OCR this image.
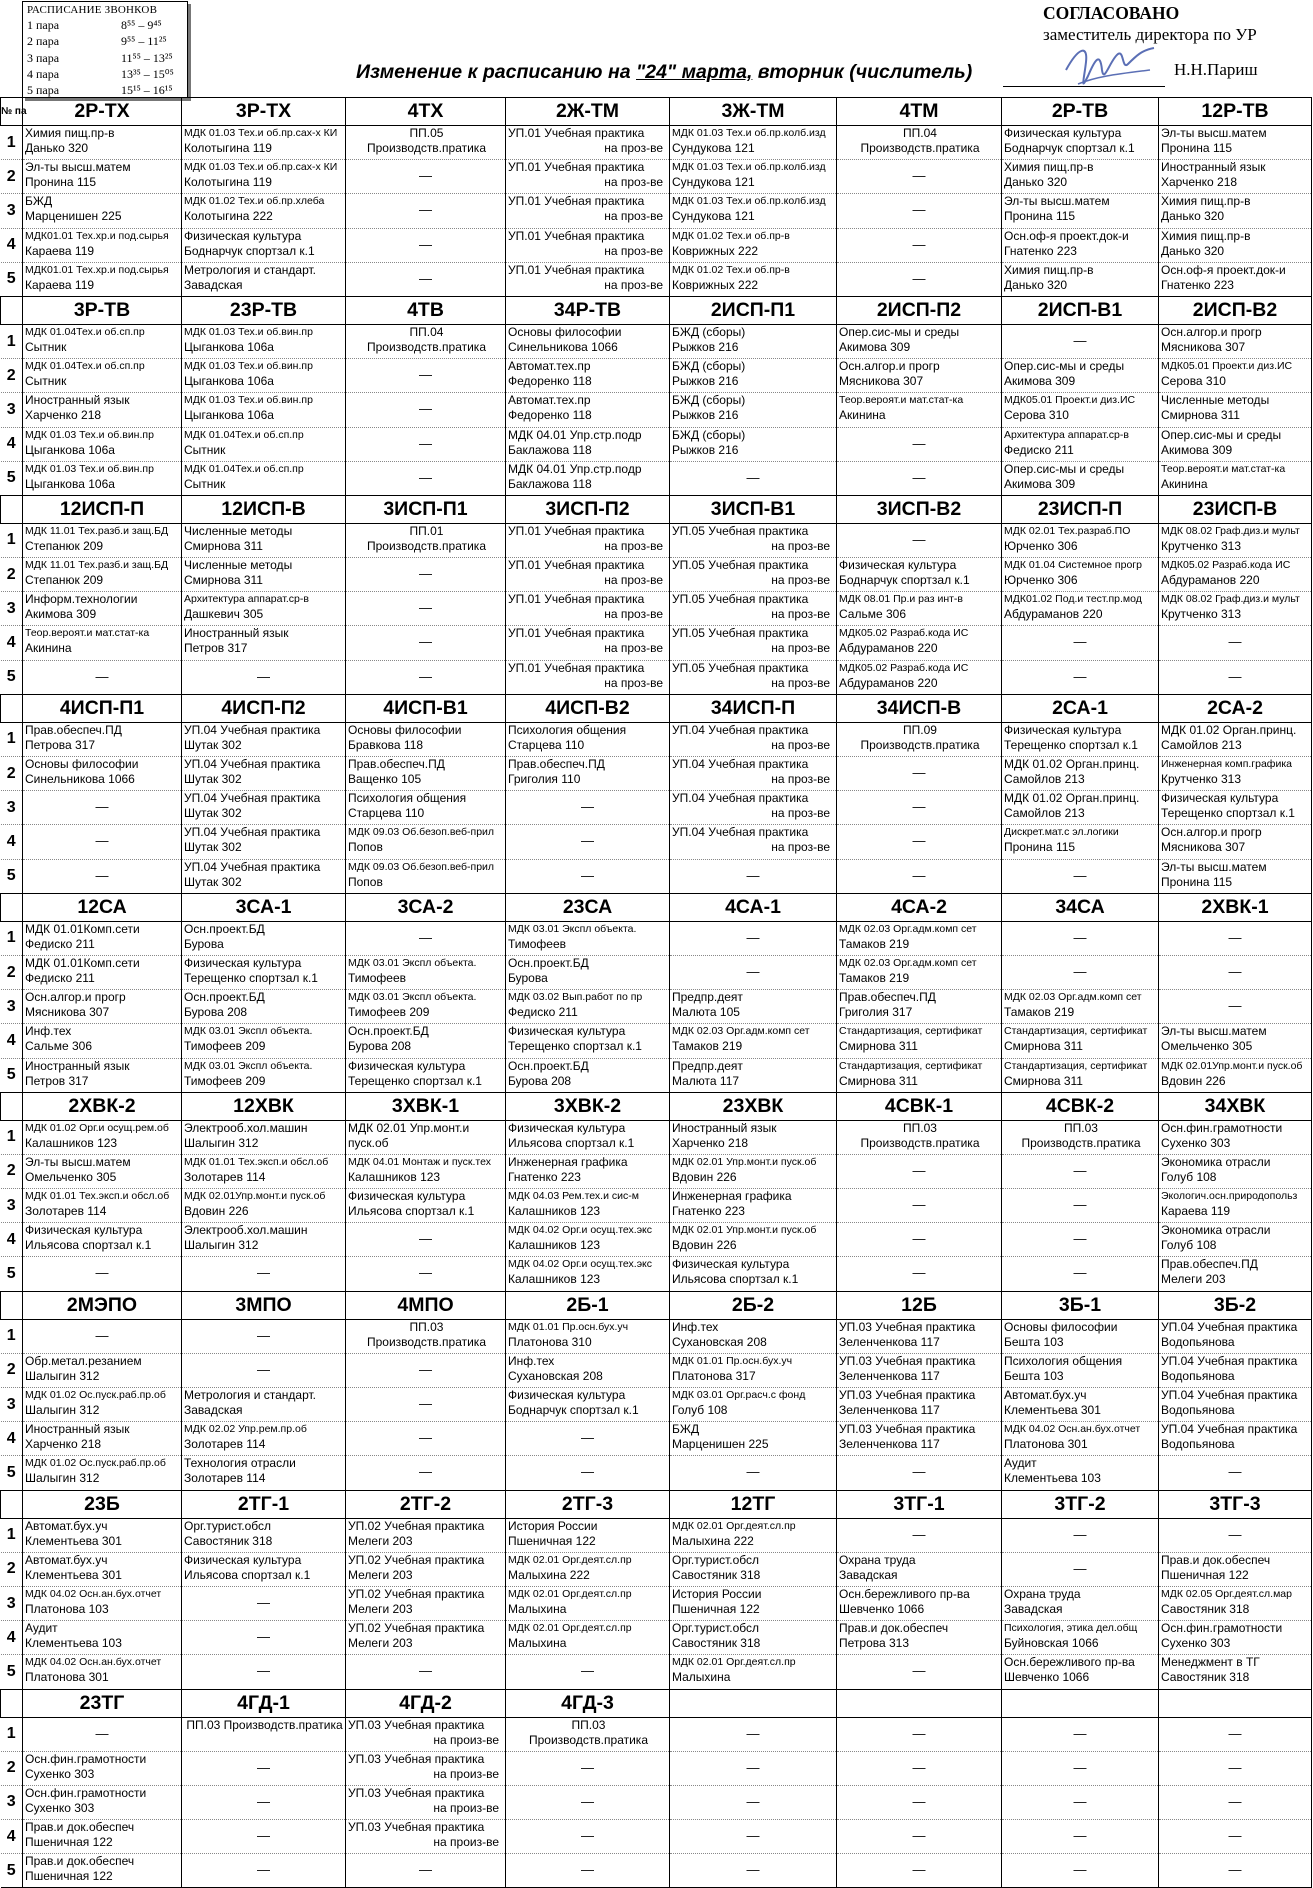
РАСПИСАНИЕ ЗВОНКОВ
1 пара	8⁵⁵ – 9⁴⁵
2 пара	9⁵⁵ – 11²⁵
3 пара	11⁵⁵ – 13²⁵
4 пара	13³⁵ – 15⁰⁵
5 пара	15¹⁵ – 16¹⁵
Изменение к расписанию на "24" марта, вторник (числитель)
СОГЛАСОВАНО
заместитель директора по УР
Н.Н.Париш
№ па	2Р-ТХ	3Р-ТХ	4ТХ	2Ж-ТМ	3Ж-ТМ	4ТМ	2Р-ТВ	12Р-ТВ
1	Химия пищ.пр-в
Данько 320	МДК 01.03 Тех.и об.пр.сах-х КИ
Колотыгина 119	ПП.05
Производств.пратика	УП.01 Учебная практика
на проз-ве	МДК 01.03 Тех.и об.пр.колб.изд
Сундукова 121	ПП.04
Производств.пратика	Физическая культура
Боднарчук спортзал к.1	Эл-ты высш.матем
Пронина 115

2	Эл-ты высш.матем
Пронина 115	МДК 01.03 Тех.и об.пр.сах-х КИ
Колотыгина 119	—	УП.01 Учебная практика
на проз-ве	МДК 01.03 Тех.и об.пр.колб.изд
Сундукова 121	—	Химия пищ.пр-в
Данько 320	Иностранный язык
Харченко 218

3	БЖД
Марценишен 225	МДК 01.02 Тех.и об.пр.хлеба
Колотыгина 222	—	УП.01 Учебная практика
на проз-ве	МДК 01.03 Тех.и об.пр.колб.изд
Сундукова 121	—	Эл-ты высш.матем
Пронина 115	Химия пищ.пр-в
Данько 320

4	МДК01.01 Тех.хр.и под.сырья
Караева 119	Физическая культура
Боднарчук спортзал к.1	—	УП.01 Учебная практика
на проз-ве	МДК 01.02 Тех.и об.пр-в
Коврижных 222	—	Осн.оф-я проект.док-и
Гнатенко 223	Химия пищ.пр-в
Данько 320

5	МДК01.01 Тех.хр.и под.сырья
Караева 119	Метрология и стандарт.
Завадская	—	УП.01 Учебная практика
на проз-ве	МДК 01.02 Тех.и об.пр-в
Коврижных 222	—	Химия пищ.пр-в
Данько 320	Осн.оф-я проект.док-и
Гнатенко 223

	3Р-ТВ	23Р-ТВ	4ТВ	34Р-ТВ	2ИСП-П1	2ИСП-П2	2ИСП-В1	2ИСП-В2
1	МДК 01.04Тех.и об.сп.пр
Сытник	МДК 01.03 Тех.и об.вин.пр
Цыганкова 106а	ПП.04
Производств.пратика	Основы философии
Синельникова 1066	БЖД (сборы)
Рыжков 216	Опер.сис-мы и среды
Акимова 309	—	Осн.алгор.и прогр
Мясникова 307

2	МДК 01.04Тех.и об.сп.пр
Сытник	МДК 01.03 Тех.и об.вин.пр
Цыганкова 106а	—	Автомат.тех.пр
Федоренко 118	БЖД (сборы)
Рыжков 216	Осн.алгор.и прогр
Мясникова 307	Опер.сис-мы и среды
Акимова 309	МДК05.01 Проект.и диз.ИС
Серова 310

3	Иностранный язык
Харченко 218	МДК 01.03 Тех.и об.вин.пр
Цыганкова 106а	—	Автомат.тех.пр
Федоренко 118	БЖД (сборы)
Рыжков 216	Теор.вероят.и мат.стат-ка
Акинина	МДК05.01 Проект.и диз.ИС
Серова 310	Численные методы
Смирнова 311

4	МДК 01.03 Тех.и об.вин.пр
Цыганкова 106а	МДК 01.04Тех.и об.сп.пр
Сытник	—	МДК 04.01 Упр.стр.подр
Баклажова 118	БЖД (сборы)
Рыжков 216	—	Архитектура аппарат.ср-в
Федиско 211	Опер.сис-мы и среды
Акимова 309

5	МДК 01.03 Тех.и об.вин.пр
Цыганкова 106а	МДК 01.04Тех.и об.сп.пр
Сытник	—	МДК 04.01 Упр.стр.подр
Баклажова 118	—	—	Опер.сис-мы и среды
Акимова 309	Теор.вероят.и мат.стат-ка
Акинина

	12ИСП-П	12ИСП-В	3ИСП-П1	3ИСП-П2	3ИСП-В1	3ИСП-В2	23ИСП-П	23ИСП-В
1	МДК 11.01 Тех.разб.и защ.БД
Степанюк 209	Численные методы
Смирнова 311	ПП.01
Производств.пратика	УП.01 Учебная практика
на проз-ве	УП.05 Учебная практика
на проз-ве	—	МДК 02.01 Тех.разраб.ПО
Юрченко 306	МДК 08.02 Граф.диз.и мульт
Крутченко 313

2	МДК 11.01 Тех.разб.и защ.БД
Степанюк 209	Численные методы
Смирнова 311	—	УП.01 Учебная практика
на проз-ве	УП.05 Учебная практика
на проз-ве	Физическая культура
Боднарчук спортзал к.1	МДК 01.04 Системное прогр
Юрченко 306	МДК05.02 Разраб.кода ИС
Абдураманов 220

3	Информ.технологии
Акимова 309	Архитектура аппарат.ср-в
Дашкевич 305	—	УП.01 Учебная практика
на проз-ве	УП.05 Учебная практика
на проз-ве	МДК 08.01 Пр.и раз инт-в
Сальме 306	МДК01.02 Под.и тест.пр.мод
Абдураманов 220	МДК 08.02 Граф.диз.и мульт
Крутченко 313

4	Теор.вероят.и мат.стат-ка
Акинина	Иностранный язык
Петров 317	—	УП.01 Учебная практика
на проз-ве	УП.05 Учебная практика
на проз-ве	МДК05.02 Разраб.кода ИС
Абдураманов 220	—	—

5	—	—	—	УП.01 Учебная практика
на проз-ве	УП.05 Учебная практика
на проз-ве	МДК05.02 Разраб.кода ИС
Абдураманов 220	—	—

	4ИСП-П1	4ИСП-П2	4ИСП-В1	4ИСП-В2	34ИСП-П	34ИСП-В	2СА-1	2СА-2
1	Прав.обеспеч.ПД
Петрова 317	УП.04 Учебная практика
Шутак 302	Основы философии
Бравкова 118	Психология общения
Старцева 110	УП.04 Учебная практика
на проз-ве	ПП.09
Производств.пратика	Физическая культура
Терещенко спортзал к.1	МДК 01.02 Орган.принц.
Самойлов 213

2	Основы философии
Синельникова 1066	УП.04 Учебная практика
Шутак 302	Прав.обеспеч.ПД
Ващенко 105	Прав.обеспеч.ПД
Григолия 110	УП.04 Учебная практика
на проз-ве	—	МДК 01.02 Орган.принц.
Самойлов 213	Инженерная комп.графика
Крутченко 313

3	—	УП.04 Учебная практика
Шутак 302	Психология общения
Старцева 110	—	УП.04 Учебная практика
на проз-ве	—	МДК 01.02 Орган.принц.
Самойлов 213	Физическая культура
Терещенко спортзал к.1

4	—	УП.04 Учебная практика
Шутак 302	МДК 09.03 Об.безоп.веб-прил
Попов	—	УП.04 Учебная практика
на проз-ве	—	Дискрет.мат.с эл.логики
Пронина 115	Осн.алгор.и прогр
Мясникова 307

5	—	УП.04 Учебная практика
Шутак 302	МДК 09.03 Об.безоп.веб-прил
Попов	—	—	—	—	Эл-ты высш.матем
Пронина 115

	12СА	3СА-1	3СА-2	23СА	4СА-1	4СА-2	34СА	2ХВК-1
1	МДК 01.01Комп.сети
Федиско 211	Осн.проект.БД
Бурова	—	МДК 03.01 Экспл объекта.
Тимофеев	—	МДК 02.03 Орг.адм.комп сет
Тамаков 219	—	—

2	МДК 01.01Комп.сети
Федиско 211	Физическая культура
Терещенко спортзал к.1	МДК 03.01 Экспл объекта.
Тимофеев	Осн.проект.БД
Бурова	—	МДК 02.03 Орг.адм.комп сет
Тамаков 219	—	—

3	Осн.алгор.и прогр
Мясникова 307	Осн.проект.БД
Бурова 208	МДК 03.01 Экспл объекта.
Тимофеев 209	МДК 03.02 Вып.работ по пр
Федиско 211	Предпр.деят
Малюта 105	Прав.обеспеч.ПД
Григолия 317	МДК 02.03 Орг.адм.комп сет
Тамаков 219	—

4	Инф.тех
Сальме 306	МДК 03.01 Экспл объекта.
Тимофеев 209	Осн.проект.БД
Бурова 208	Физическая культура
Терещенко спортзал к.1	МДК 02.03 Орг.адм.комп сет
Тамаков 219	Стандартизация, сертификат
Смирнова 311	Стандартизация, сертификат
Смирнова 311	Эл-ты высш.матем
Омельченко 305

5	Иностранный язык
Петров 317	МДК 03.01 Экспл объекта.
Тимофеев 209	Физическая культура
Терещенко спортзал к.1	Осн.проект.БД
Бурова 208	Предпр.деят
Малюта 117	Стандартизация, сертификат
Смирнова 311	Стандартизация, сертификат
Смирнова 311	МДК 02.01Упр.монт.и пуск.об
Вдовин 226

	2ХВК-2	12ХВК	3ХВК-1	3ХВК-2	23ХВК	4СВК-1	4СВК-2	34ХВК
1	МДК 01.02 Орг.и осущ.рем.об
Калашников 123	Электрооб.хол.машин
Шалыгин 312	МДК 02.01 Упр.монт.и
пуск.об	Физическая культура
Ильясова спортзал к.1	Иностранный язык
Харченко 218	ПП.03
Производств.пратика	ПП.03
Производств.пратика	Осн.фин.грамотности
Сухенко 303

2	Эл-ты высш.матем
Омельченко 305	МДК 01.01 Тех.эксп.и обсл.об
Золотарев 114	МДК 04.01 Монтаж и пуск.тех
Калашников 123	Инженерная графика
Гнатенко 223	МДК 02.01 Упр.монт.и пуск.об
Вдовин 226	—	—	Экономика отрасли
Голуб 108

3	МДК 01.01 Тех.эксп.и обсл.об
Золотарев 114	МДК 02.01Упр.монт.и пуск.об
Вдовин 226	Физическая культура
Ильясова спортзал к.1	МДК 04.03 Рем.тех.и сис-м
Калашников 123	Инженерная графика
Гнатенко 223	—	—	Экологич.осн.природопольз
Караева 119

4	Физическая культура
Ильясова спортзал к.1	Электрооб.хол.машин
Шалыгин 312	—	МДК 04.02 Орг.и осущ.тех.экс
Калашников 123	МДК 02.01 Упр.монт.и пуск.об
Вдовин 226	—	—	Экономика отрасли
Голуб 108

5	—	—	—	МДК 04.02 Орг.и осущ.тех.экс
Калашников 123	Физическая культура
Ильясова спортзал к.1	—	—	Прав.обеспеч.ПД
Мелеги 203

	2МЭПО	3МПО	4МПО	2Б-1	2Б-2	12Б	3Б-1	3Б-2
1	—	—	ПП.03
Производств.пратика	МДК 01.01 Пр.осн.бух.уч
Платонова 310	Инф.тех
Сухановская 208	УП.03 Учебная практика
Зеленченкова 117	Основы философии
Бешта 103	УП.04 Учебная практика
Водопьянова

2	Обр.метал.резанием
Шалыгин 312	—	—	Инф.тех
Сухановская 208	МДК 01.01 Пр.осн.бух.уч
Платонова 317	УП.03 Учебная практика
Зеленченкова 117	Психология общения
Бешта 103	УП.04 Учебная практика
Водопьянова

3	МДК 01.02 Ос.пуск.раб.пр.об
Шалыгин 312	Метрология и стандарт.
Завадская	—	Физическая культура
Боднарчук спортзал к.1	МДК 03.01 Орг.расч.с фонд
Голуб 108	УП.03 Учебная практика
Зеленченкова 117	Автомат.бух.уч
Клементьева 301	УП.04 Учебная практика
Водопьянова

4	Иностранный язык
Харченко 218	МДК 02.02 Упр.рем.пр.об
Золотарев 114	—	—	БЖД
Марценишен 225	УП.03 Учебная практика
Зеленченкова 117	МДК 04.02 Осн.ан.бух.отчет
Платонова 301	УП.04 Учебная практика
Водопьянова

5	МДК 01.02 Ос.пуск.раб.пр.об
Шалыгин 312	Технология отрасли
Золотарев 114	—	—	—	—	Аудит
Клементьева 103	—

	23Б	2ТГ-1	2ТГ-2	2ТГ-3	12ТГ	3ТГ-1	3ТГ-2	3ТГ-3
1	Автомат.бух.уч
Клементьева 301	Орг.турист.обсл
Савостяник 318	УП.02 Учебная практика
Мелеги 203	История России
Пшеничная 122	МДК 02.01 Орг.деят.сл.пр
Малыхина 222	—	—	—

2	Автомат.бух.уч
Клементьева 301	Физическая культура
Ильясова спортзал к.1	УП.02 Учебная практика
Мелеги 203	МДК 02.01 Орг.деят.сл.пр
Малыхина 222	Орг.турист.обсл
Савостяник 318	Охрана труда
Завадская	—	Прав.и док.обеспеч
Пшеничная 122

3	МДК 04.02 Осн.ан.бух.отчет
Платонова 103	—	УП.02 Учебная практика
Мелеги 203	МДК 02.01 Орг.деят.сл.пр
Малыхина	История России
Пшеничная 122	Осн.бережливого пр-ва
Шевченко 1066	Охрана труда
Завадская	МДК 02.05 Орг.деят.сл.мар
Савостяник 318

4	Аудит
Клементьева 103	—	УП.02 Учебная практика
Мелеги 203	МДК 02.01 Орг.деят.сл.пр
Малыхина	Орг.турист.обсл
Савостяник 318	Прав.и док.обеспеч
Петрова 313	Психология, этика дел.общ
Буйновская 1066	Осн.фин.грамотности
Сухенко 303

5	МДК 04.02 Осн.ан.бух.отчет
Платонова 301	—	—	—	МДК 02.01 Орг.деят.сл.пр
Малыхина	—	Осн.бережливого пр-ва
Шевченко 1066	Менеджмент в ТГ
Савостяник 318

	23ТГ	4ГД-1	4ГД-2	4ГД-3				
1	—	ПП.03 Производств.пратика	УП.03 Учебная практика
на произ-ве	ПП.03
Производств.пратика	—	—	—	—

2	Осн.фин.грамотности
Сухенко 303	—	УП.03 Учебная практика
на произ-ве	—	—	—	—	—

3	Осн.фин.грамотности
Сухенко 303	—	УП.03 Учебная практика
на произ-ве	—	—	—	—	—

4	Прав.и док.обеспеч
Пшеничная 122	—	УП.03 Учебная практика
на произ-ве	—	—	—	—	—

5	Прав.и док.обеспеч
Пшеничная 122	—	—	—	—	—	—	—
